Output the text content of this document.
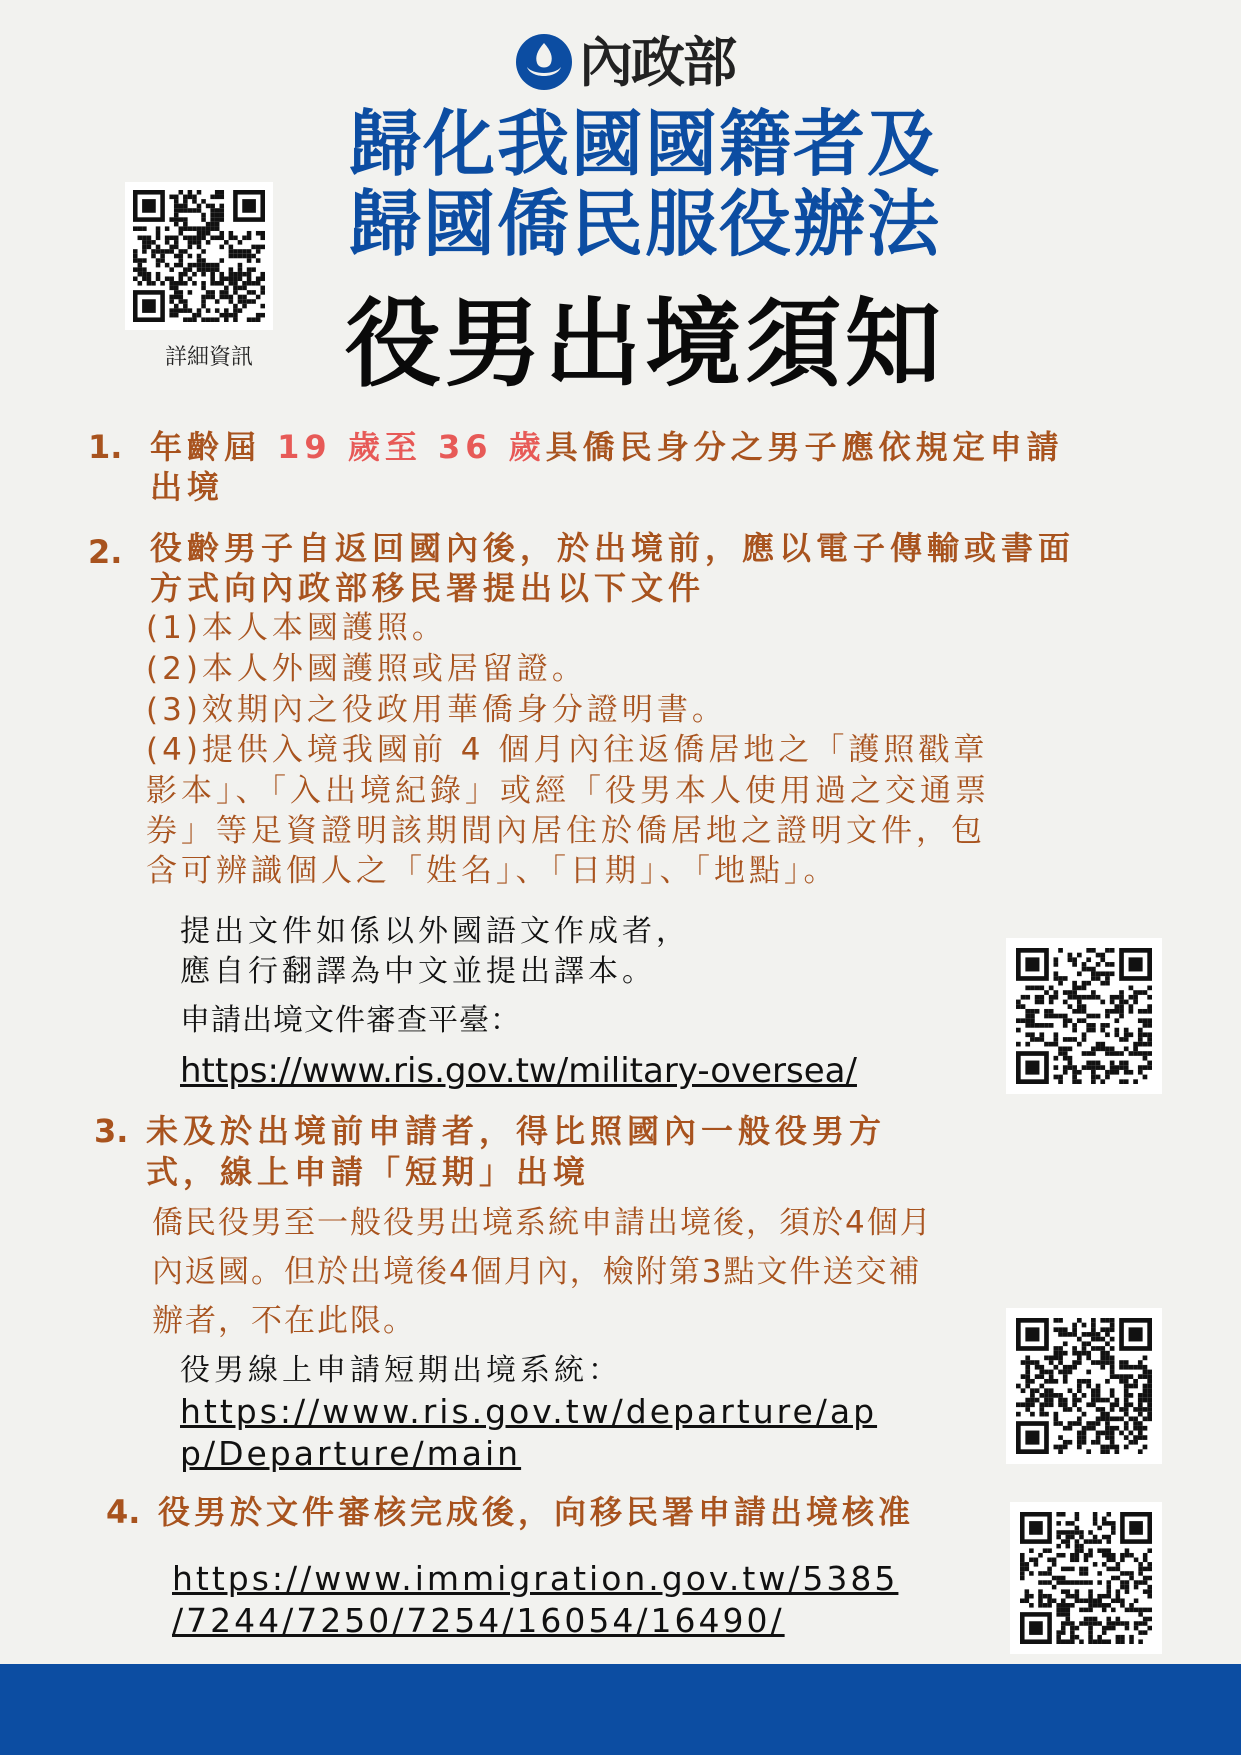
內政部
詳細資訊
歸化我國國籍者及
歸國僑民服役辦法
役男出境須知
1. 年齡屆 19 歲至 36 歲具僑民身分之男子應依規定申請
出境
2. 役齡男子自返回國內後，於出境前，應以電子傳輸或書面
方式向內政部移民署提出以下文件
(1)本人本國護照。
(2)本人外國護照或居留證。
(3)效期內之役政用華僑身分證明書。
(4)提供入境我國前 4 個月內往返僑居地之「護照戳章
影本」、「入出境紀錄」或經「役男本人使用過之交通票
券」等足資證明該期間內居住於僑居地之證明文件，包
含可辨識個人之「姓名」、「日期」、「地點」。
提出文件如係以外國語文作成者，
應自行翻譯為中文並提出譯本。
申請出境文件審查平臺：
https://www.ris.gov.tw/military-oversea/
3. 未及於出境前申請者，得比照國內一般役男方
式，線上申請「短期」出境
僑民役男至一般役男出境系統申請出境後，須於4個月
內返國。但於出境後4個月內，檢附第3點文件送交補
辦者，不在此限。
役男線上申請短期出境系統：
https://www.ris.gov.tw/departure/ap
p/Departure/main
4. 役男於文件審核完成後，向移民署申請出境核准
https://www.immigration.gov.tw/5385
/7244/7250/7254/16054/16490/
